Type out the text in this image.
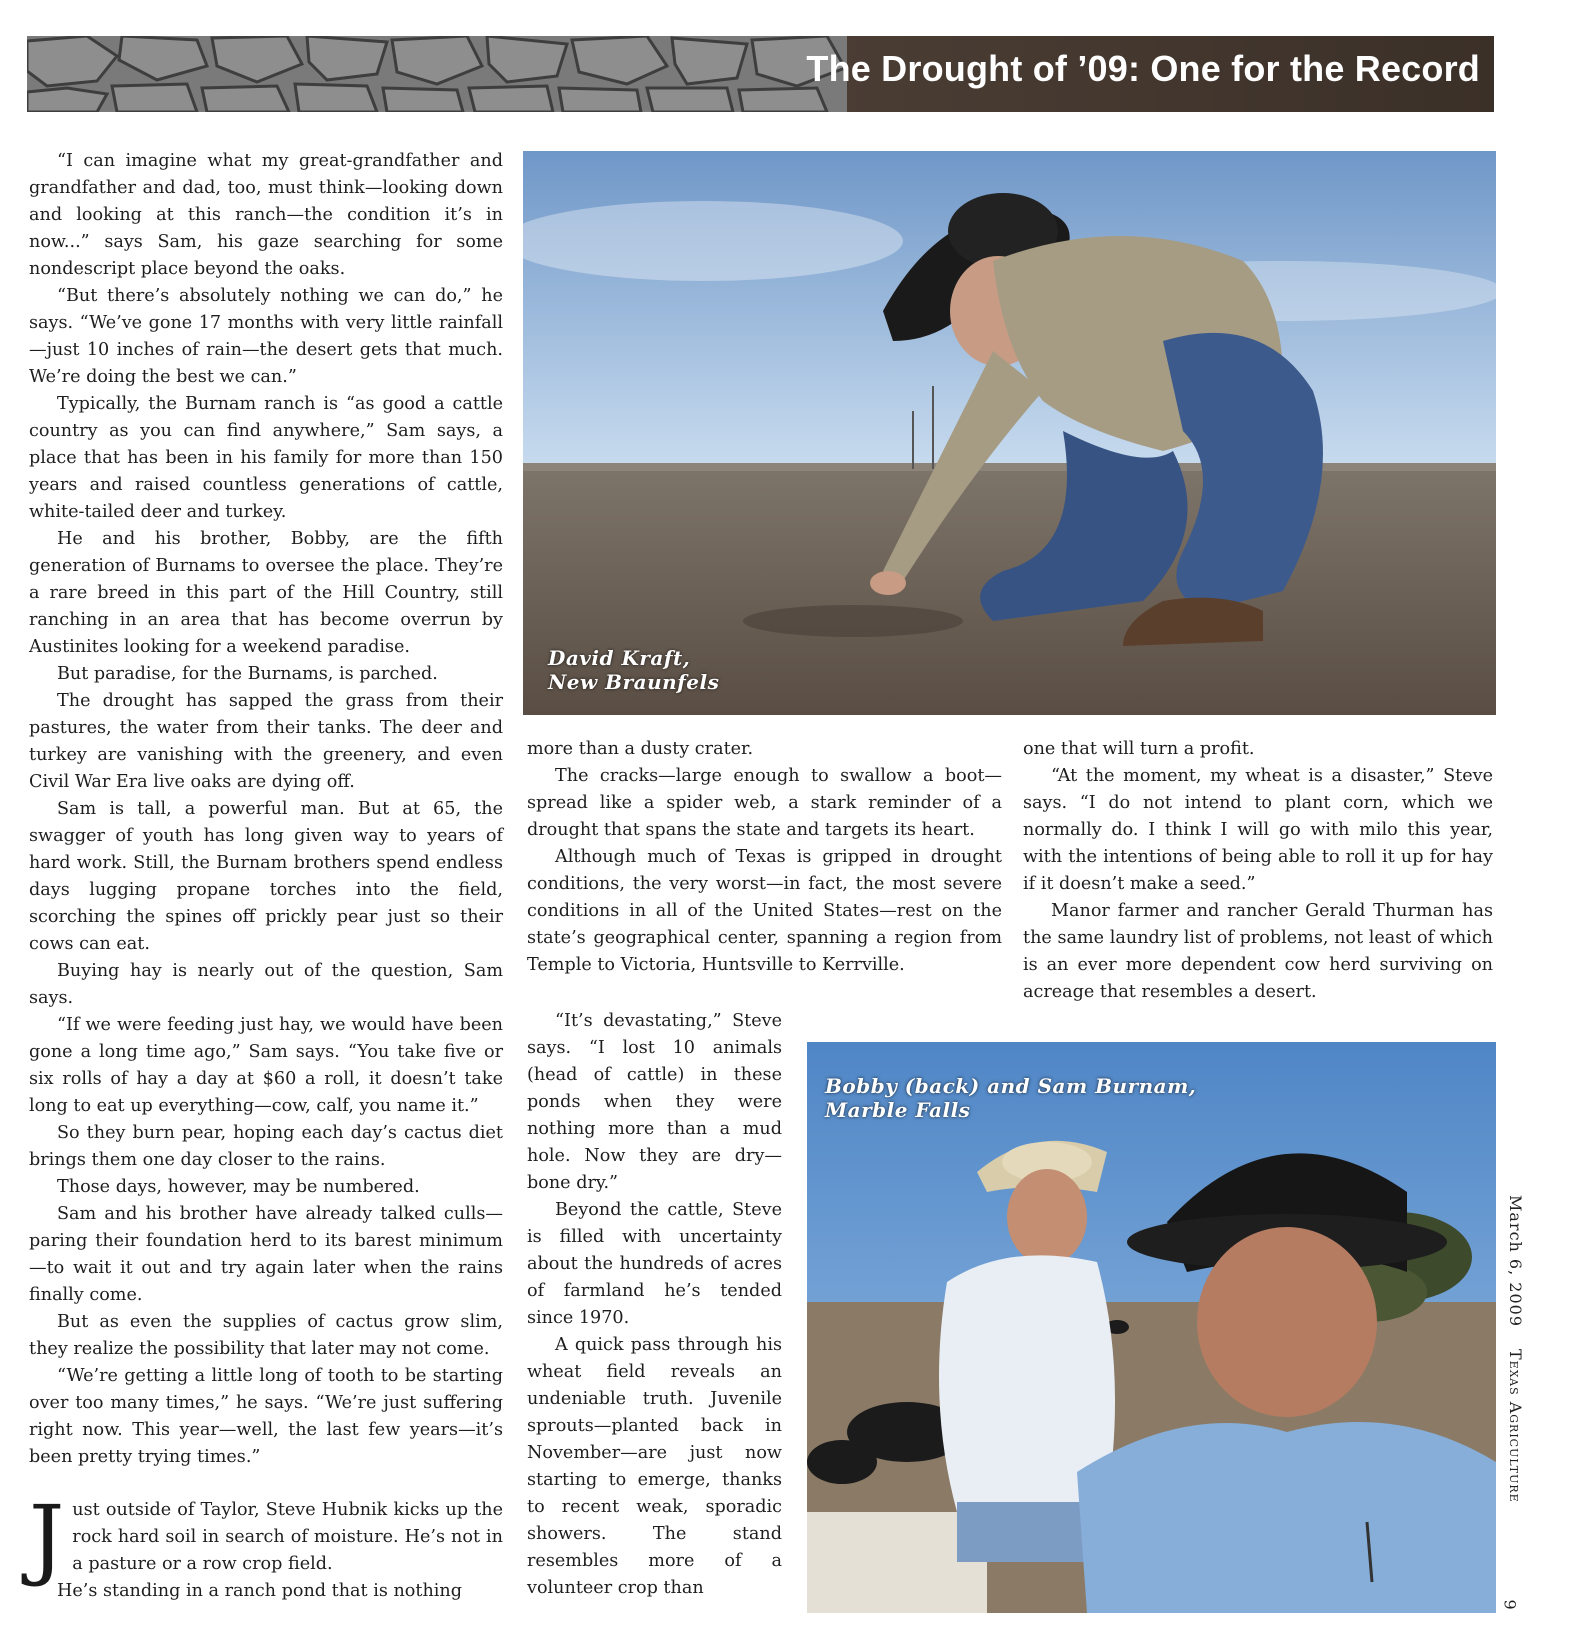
The Drought of ’09: One for the Record

“I can imagine what my great-grandfather and grandfather and dad, too, must think—looking down and looking at this ranch—the condition it’s in now...” says Sam, his gaze searching for some nondescript place beyond the oaks.

“But there’s absolutely nothing we can do,” he says. “We’ve gone 17 months with very little rainfall—just 10 inches of rain—the desert gets that much. We’re doing the best we can.”

Typically, the Burnam ranch is “as good a cattle country as you can find anywhere,” Sam says, a place that has been in his family for more than 150 years and raised countless generations of cattle, white-tailed deer and turkey.

He and his brother, Bobby, are the fifth generation of Burnams to oversee the place. They’re a rare breed in this part of the Hill Country, still ranching in an area that has become overrun by Austinites looking for a weekend paradise.

But paradise, for the Burnams, is parched.

The drought has sapped the grass from their pastures, the water from their tanks. The deer and turkey are vanishing with the greenery, and even Civil War Era live oaks are dying off.

Sam is tall, a powerful man. But at 65, the swagger of youth has long given way to years of hard work. Still, the Burnam brothers spend endless days lugging propane torches into the field, scorching the spines off prickly pear just so their cows can eat.

Buying hay is nearly out of the question, Sam says.

“If we were feeding just hay, we would have been gone a long time ago,” Sam says. “You take five or six rolls of hay a day at $60 a roll, it doesn’t take long to eat up everything—cow, calf, you name it.”

So they burn pear, hoping each day’s cactus diet brings them one day closer to the rains.

Those days, however, may be numbered.

Sam and his brother have already talked culls—paring their foundation herd to its barest minimum—to wait it out and try again later when the rains finally come.

But as even the supplies of cactus grow slim, they realize the possibility that later may not come.

“We’re getting a little long of tooth to be starting over too many times,” he says. “We’re just suffering right now. This year—well, the last few years—it’s been pretty trying times.”

Just outside of Taylor, Steve Hubnik kicks up the rock hard soil in search of moisture. He’s not in a pasture or a row crop field.

He’s standing in a ranch pond that is nothing

David Kraft,
New Braunfels

more than a dusty crater.

The cracks—large enough to swallow a boot—spread like a spider web, a stark reminder of a drought that spans the state and targets its heart.

Although much of Texas is gripped in drought conditions, the very worst—in fact, the most severe conditions in all of the United States—rest on the state’s geographical center, spanning a region from Temple to Victoria, Huntsville to Kerrville.

“It’s devastating,” Steve says. “I lost 10 animals (head of cattle) in these ponds when they were nothing more than a mud hole. Now they are dry—bone dry.”

Beyond the cattle, Steve is filled with uncertainty about the hundreds of acres of farmland he’s tended since 1970.

A quick pass through his wheat field reveals an undeniable truth. Juvenile sprouts—planted back in November—are just now starting to emerge, thanks to recent weak, sporadic showers. The stand resembles more of a volunteer crop than

one that will turn a profit.

“At the moment, my wheat is a disaster,” Steve says. “I do not intend to plant corn, which we normally do. I think I will go with milo this year, with the intentions of being able to roll it up for hay if it doesn’t make a seed.”

Manor farmer and rancher Gerald Thurman has the same laundry list of problems, not least of which is an ever more dependent cow herd surviving on acreage that resembles a desert.

Bobby (back) and Sam Burnam,
Marble Falls
March 6, 2009Texas Agriculture
9
